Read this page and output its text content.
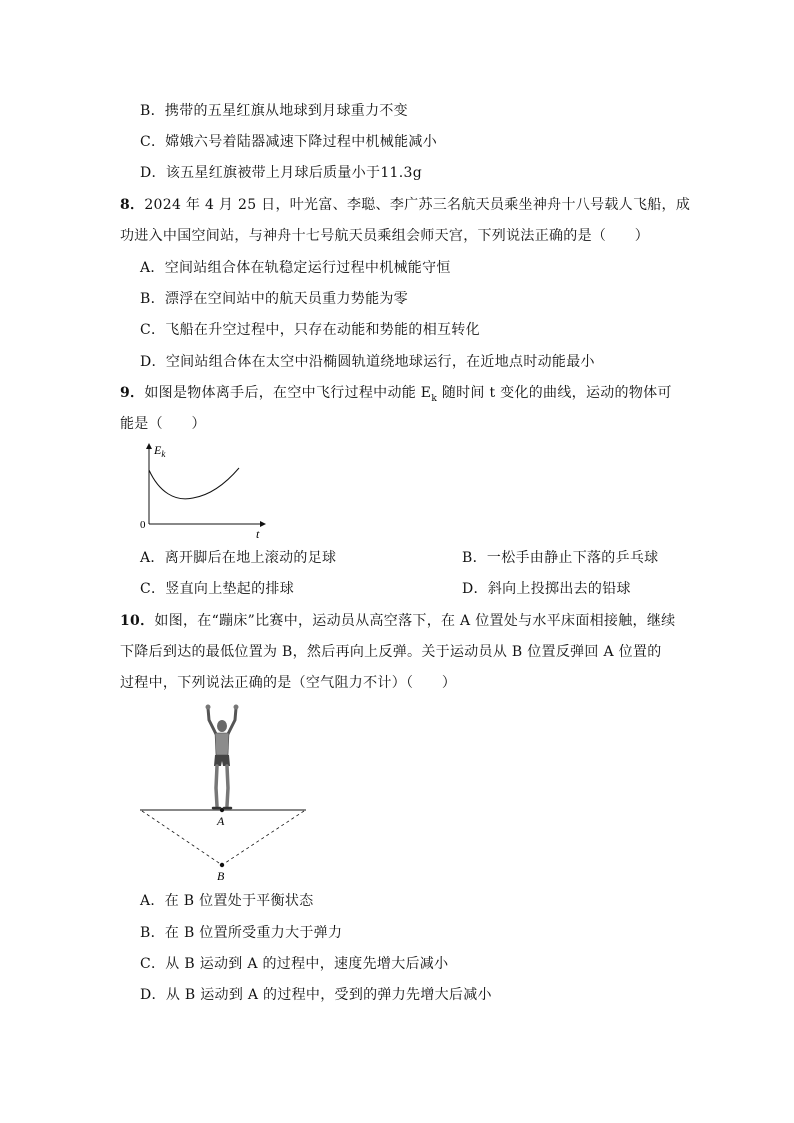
B．携带的五星红旗从地球到月球重力不变
C．嫦娥六号着陆器减速下降过程中机械能减小
D．该五星红旗被带上月球后质量小于11.3g
8．2024 年 4 月 25 日，叶光富、李聪、李广苏三名航天员乘坐神舟十八号载人飞船，成
功进入中国空间站，与神舟十七号航天员乘组会师天宫，下列说法正确的是（　　）
A．空间站组合体在轨稳定运行过程中机械能守恒
B．漂浮在空间站中的航天员重力势能为零
C．飞船在升空过程中，只存在动能和势能的相互转化
D．空间站组合体在太空中沿椭圆轨道绕地球运行，在近地点时动能最小
9．如图是物体离手后，在空中飞行过程中动能 $E_k$ 随时间 t 变化的曲线，运动的物体可
能是（　　）
$E_k$
t
0
A．离开脚后在地上滚动的足球	B．一松手由静止下落的乒乓球
C．竖直向上垫起的排球	D．斜向上投掷出去的铅球
10．如图，在“蹦床”比赛中，运动员从高空落下，在 A 位置处与水平床面相接触，继续
下降后到达的最低位置为 B，然后再向上反弹。关于运动员从 B 位置反弹回 A 位置的
过程中，下列说法正确的是（空气阻力不计）（　　）
A
B
A．在 B 位置处于平衡状态
B．在 B 位置所受重力大于弹力
C．从 B 运动到 A 的过程中，速度先增大后减小
D．从 B 运动到 A 的过程中，受到的弹力先增大后减小
